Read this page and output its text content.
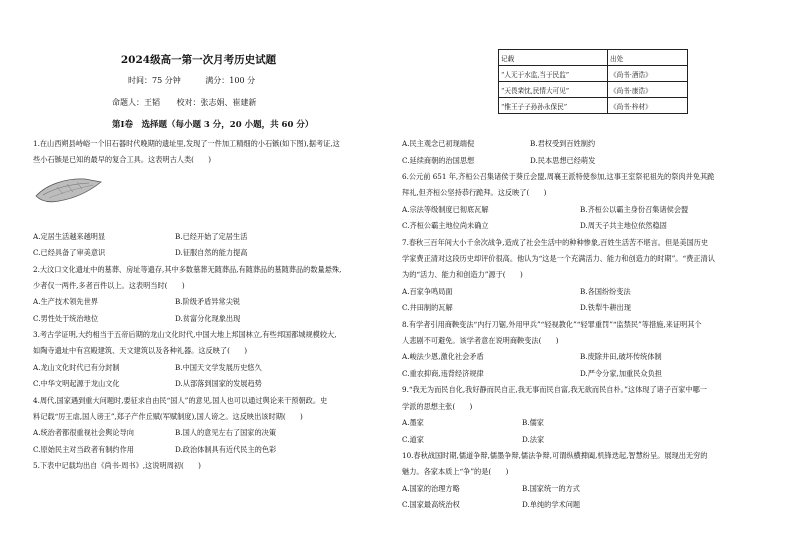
2024级高一第一次月考历史试题
时间：75 分钟	满分：100 分
命题人：王韬 校对：张志娟、崔建新
第Ⅰ卷　选择题（每小题 3 分，20 小题，共 60 分）
1.在山西朔县峙峪一个旧石器时代晚期的遗址里,发现了一件加工精细的小石镞(如下图),据考证,这
些小石镞是已知的最早的复合工具。这表明古人类(　　)
A.定居生活越来越明显	B.已经开始了定居生活
C.已经具备了审美意识	D.征服自然的能力提高
2.大汶口文化遗址中的墓葬、房址等遗存,其中多数墓葬无随葬品,有随葬品的墓随葬品的数量悬殊,
少者仅一两件,多者百件以上。这表明当时(　　)
A.生产技术领先世界	B.阶级矛盾异常尖锐
C.男性处于统治地位	D.贫富分化现象出现
3.考古学证明,大约相当于五帝后期的龙山文化时代,中国大地上邦国林立,有些邦国都城规模较大,
如陶寺遗址中有宫殿建筑、天文建筑以及各种礼器。这反映了(　　)
A.龙山文化时代已有分封制	B.中国天文学发展历史悠久
C.中华文明起源于龙山文化	D.从部落到国家的发展趋势
4.周代,国家遇到重大问题时,要征求自由民“国人”的意见,国人也可以通过舆论来干预朝政。史
料记载“厉王虐,国人谤王”,郑子产作丘赋(军赋制度),国人谤之。这反映出该时期(　　)
A.统治者都很重视社会舆论导向	B.国人的意见左右了国家的决策
C.原始民主对当政者有制约作用	D.政治体制具有近代民主的色彩
5.下表中记载均出自《尚书·周书》,这说明周初(　　)
记载	出处
“人无于水监,当于民监”	《尚书·酒诰》
“天畏棐忱,民情大可见”	《尚书·康诰》
“惟王子子孙孙永保民”	《尚书·梓材》
A.民主观念已初现端倪	B.君权受到百姓制约
C.延续商朝的治国思想	D.民本思想已经萌发
6.公元前 651 年,齐桓公召集诸侯于葵丘会盟,周襄王派特使参加,这事王室祭祀祖先的祭肉并免其跪
拜礼,但齐桓公坚持恭行跪拜。这反映了(　　)
A.宗法等级制度已彻底瓦解	B.齐桓公以霸主身份召集诸侯会盟
C.齐桓公霸主地位尚未确立	D.周天子共主地位依然稳固
7.春秋三百年间大小千余次战争,造成了社会生活中的种种惨象,百姓生活苦不堪言。但是美国历史
学家费正清对这段历史却评价很高。他认为“这是一个充满活力、能力和创造力的时期”。“费正清认
为的“活力、能力和创造力”源于(　　)
A.百家争鸣局面	B.各国纷纷变法
C.井田制的瓦解	D.铁犁牛耕出现
8.有学者引用商鞅变法“内行刀锯,外用甲兵”“轻视教化”“轻罪重罚”“监禁民”等措施,来证明其个
人悲剧不可避免。该学者意在说明商鞅变法(　　)
A.峻法少恩,激化社会矛盾	B.废除井田,破坏传统体制
C.重农抑商,违背经济规律	D.严令分家,加重民众负担
9.“我无为而民自化,我好静而民自正,我无事而民自富,我无欲而民自朴。”这体现了诸子百家中哪一
学派的思想主张(　　)
A.墨家	B.儒家
C.道家	D.法家
10.春秋战国时期,儒道争辩,儒墨争辩,儒法争辩,可谓纵横捭阖,机锋迭起,智慧纷呈。展现出无穷的
魅力。各家本质上“争”的是(　　)
A.国家的治理方略	B.国家统一的方式
C.国家最高统治权	D.单纯的学术问题
